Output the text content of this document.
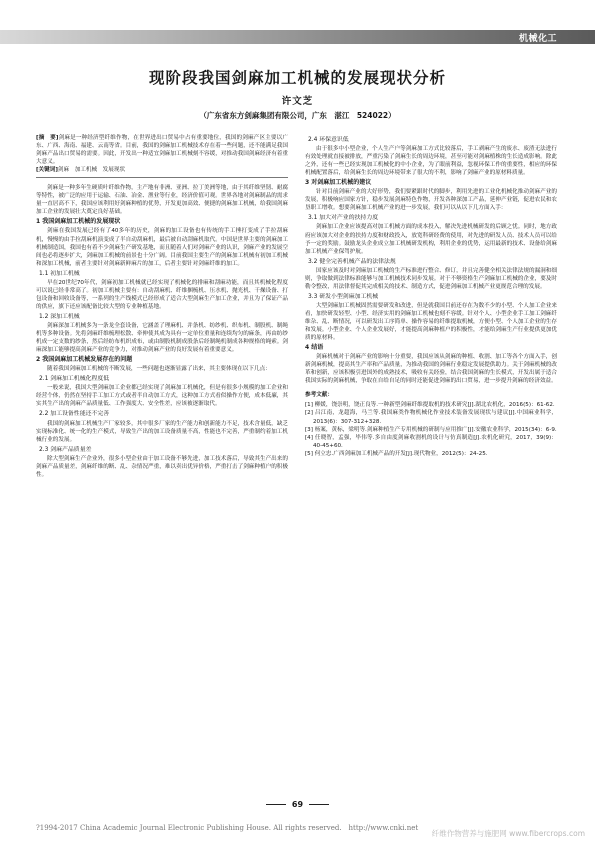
机械化工
现阶段我国剑麻加工机械的发展现状分析
许文芝
（广东省东方剑麻集团有限公司，广东　湛江　524022）

[摘　要]剑麻是一种经济型纤维作物，在世界进出口贸易中占有重要地位，我国的剑麻产区主要以广东、广西、海南、福建、云南等省。目前，我国的剑麻加工机械技术存在着一些问题，还不能满足我国剑麻产品出口贸易的需要。因此，开发出一种适宜剑麻加工机械刻不容缓，对推动我国剑麻经济有着重大意义。

[关键词]剑麻　加工机械　发展现状

剑麻是一种多年生硬质叶纤维作物，主产地有非洲、亚洲、拉丁美洲等地，由于其纤维坚韧、耐腐等特性，被广泛的应用于运输、石油、冶金、渔业等行业，经济价值可观。世界各地对剑麻制品的需求量一直居高不下，我国应该利用好剑麻种植的优势，开发更加高效、便捷的剑麻加工机械，给我国剑麻加工企业的发展壮大奠定良好基础。

1 我国剑麻加工机械的发展现状

剑麻在我国发展已经有了40多年的历史，剑麻的加工设备也有传统的手工捶打变成了手拉刮麻机，慢慢的由手拉刮麻机演变成了半自动刮麻机，最后被自动刮麻机取代。中国是世界主要的剑麻加工机械制造国，我国也有着不少剑麻生产研发基地，而且随着人们对剑麻产业的认识，剑麻产业的发展空间也必将逐步扩大，剑麻加工机械的前景也十分广阔。目前我国主要生产的剑麻加工机械有初加工机械和深加工机械，前者主要针对剑麻新鲜麻片的加工，后者主要针对剑麻纤维的加工。

1.1 初加工机械

早在20世纪70年代，剑麻初加工机械就已经实现了机械化的排麻和刮麻功能，而且其机械化程度可以说已经非常高了。初加工机械主要有：自动刮麻机、纤维捆梳机、压水机、抛光机、干燥设备、打包设备和回收设备等，一系列的生产线模式已经形成了适合大型剑麻生产加工企业，并且为了保证产品的供应，旗下还应该配备比较大型的专业种植基地。

1.2 深加工机械

剑麻深加工机械多为一条龙全套设备，它涵盖了理麻机、并条机、纺纱机、织布机、制股机、制绳机等多种设备。先将剑麻纤维梳理松散、牵伸使其成为具有一定单位重量和连续均匀的麻条，再由纺纱机成一定支数的纱条，然后经纺布机织成布，或由制股机制成股条后经制绳机制成各种规格的绳索。剑麻深加工能够提高剑麻产业的竞争力，对推动剑麻产业的良好发展有着重要意义。

2 我国剑麻加工机械发展存在的问题

随着我国剑麻加工机械的不断发展，一些问题也逐渐显露了出来，其主要体现在以下几点：

2.1 剑麻加工机械化程度低

一般来说，我国大型剑麻加工企业都已经实现了剑麻加工机械化，但是有很多小规模的加工企业和经营个体，仍然在坚持手工加工方式或者半自动加工方式，这种加工方式看似操作方便，成本低廉，其实其生产出的剑麻产品质量低、工作强度大、安全性差，应该被逐渐取代。

2.2 加工设备性能还不完善

我国的剑麻加工机械生产厂家较多，其中很多厂家的生产能力和创新能力不足，技术含量低，缺乏实现标准化、统一化的生产模式，导致生产出的加工设备质量不高，性能也不完善，严重制约着加工机械行业的发展。

2.3 剑麻产品质量差

除大型剑麻生产企业外，很多小型企业由于加工设备不够先进，加工技术落后，导致其生产出来的剑麻产品质量差，剑麻纤维的断、乱、杂情况严重，难以卖出优异价格，严重打击了剑麻种植户的积极性。

2.4 环保意识低

由于很多中小型企业，个人生产户等剑麻加工方式比较落后，手工剥麻产生的废水、废渣无法进行有效处理就直接被排放，严重污染了剑麻生长的周边环境，甚至可能对剑麻植株的生长造成影响。除此之外，还有一些已经实现加工机械化的中小企业，为了眼前利益，忽视环保工作的重要性，相应的环保机械配置落后，给剑麻生长的周边环境带来了很大的不利，影响了剑麻产业的原材料质量。

3 对剑麻加工机械的建议

针对目前剑麻产业的大好形势，我们要紧跟时代的脚步，利用先进的工业化机械化推动剑麻产业的发展，积极响应国家方针，稳步发展剑麻特色作物，开发各种深加工产品，延伸产业链，促进农民和农垦职工增收。想要剑麻加工机械产业的进一步发展，我们可以从以下几方面入手：

3.1 加大对产业的扶持力度

剑麻加工企业应该提高对加工机械方面的成本投入，解决先进机械研发的后顾之忧。同时，地方政府应该加大对企业的扶持力度和财政投入，放宽科研经费的使用，对先进的研发人员、技术人员可以给予一定的奖励。鼓励龙头企业成立加工机械研发机构，利用企业的优势，运用最新的技术、设备给剑麻加工机械产业保驾护航。

3.2 健全完善机械产品的法律法规

国家应该及时对剑麻加工机械的生产标准进行整合、修订，并且完善健全相关法律法规的漏洞和细则，争取做到法律标准能够与加工机械技术同步发展。对于不够资格生产剑麻加工机械的企业，要及时勒令整改，用法律督促其完成相关的技术、制造方式，促进剑麻加工机械产业更规范合理的发展。

3.3 研发小型剑麻加工机械

大型剑麻加工机械固然需要研发和改进，但是就我国目前还存在为数不少的小型、个人加工企业来看，加快研发轻型、小型、经济实用的剑麻加工机械也刻不容缓。针对个人、小型企业手工加工剑麻纤维杂、乱、断情况，可以研发出工序简单、操作容易的纤维提取机械，方便小型、个人加工企业的生存和发展。小型企业、个人企业发展好，才能提高剑麻种植户的积极性，才能给剑麻生产行业提供更加优质的原材料。

4 结语

剑麻机械对于剑麻产业的影响十分重要，我国应该从剑麻的种植、收割、加工等各个方面入手，创新剑麻机械，提高其生产率和产品质量，为推动我国的剑麻行业稳定发展提供助力。关于剑麻机械的改革和创新，应该积极引进国外的成熟技术，吸收有关经验，结合我国剑麻的生长模式，开发出属于适合我国实际的剑麻机械，争取在自给自足的同时还能促进剑麻的出口贸易，进一步提升剑麻的经济效益。

参考文献：

[1] 柳媛，饶崇明，饶正良等.一种新型剑麻纤维提取机的技术研究[J].湖北农机化，2016(5)：61-62.

[2] 吕江南，龙超海，马兰等.我国麻类作物机械化作业技术装备发展现状与建议[J].中国麻业科学，2013(6)：307-312+328.

[3] 杨案，黄标，梁明等.剑麻种植生产专用机械的研制与应用推广[J].安徽农业科学，2015(34)：6-9.

[4] 任晓智，孟强，毕伟等.多自由度剑麻收割机的设计与仿真制造[J].农机化研究，2017，39(9)：40-45+60.

[5] 何立忠.广西剑麻加工机械产品的开发[J].现代物业，2012(5)：24-25.

69
?1994-2017 China Academic Journal Electronic Publishing House. All rights reserved.　http://www.cnki.net
纤维作物营养与施肥网 www.fibercrops.com
